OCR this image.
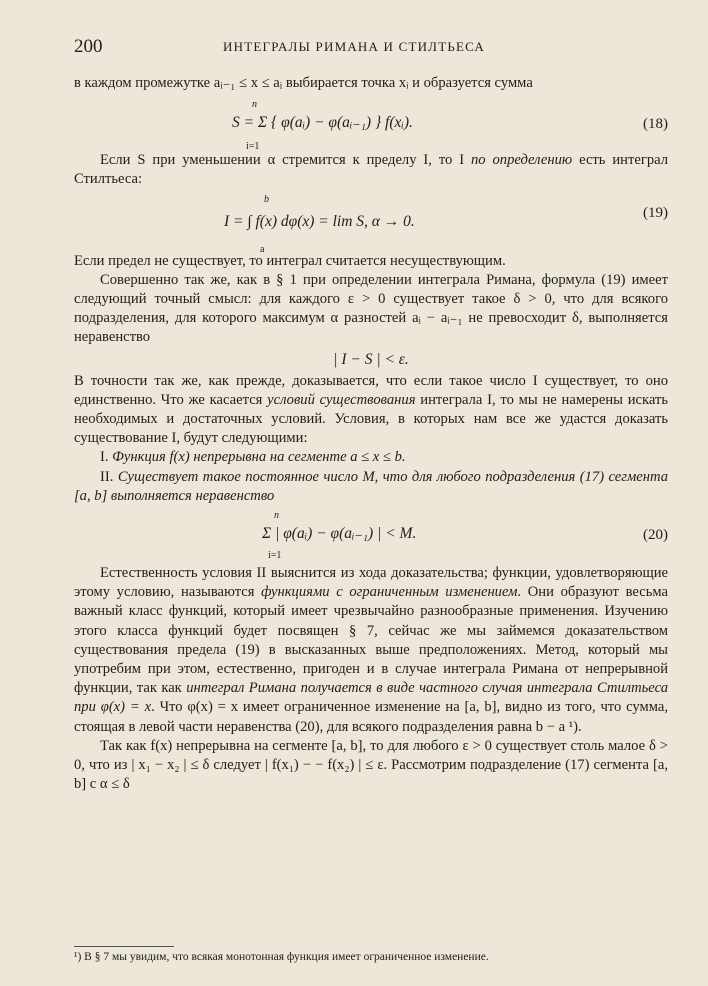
200	ИНТЕГРАЛЫ РИМАНА И СТИЛТЬЕСА

в каждом промежутке aᵢ₋₁ ≤ x ≤ aᵢ выбирается точка xᵢ и образуется сумма

n
i=1
S = Σ { φ(aᵢ) − φ(aᵢ₋₁) } f(xᵢ).	(18)

Если S при уменьшении α стремится к пределу I, то I по определению есть интеграл Стилтьеса:

b
a
I = ∫ f(x) dφ(x) = lim S, α → 0.	(19)

Если предел не существует, то интеграл считается несуществующим.

Совершенно так же, как в § 1 при определении интеграла Римана, формула (19) имеет следующий точный смысл: для каждого ε > 0 существует такое δ > 0, что для всякого подразделения, для которого максимум α разностей aᵢ − aᵢ₋₁ не превосходит δ, выполняется неравенство

| I − S | < ε.

В точности так же, как прежде, доказывается, что если такое число I существует, то оно единственно. Что же касается условий существования интеграла I, то мы не намерены искать необходимых и достаточных условий. Условия, в которых нам все же удастся доказать существование I, будут следующими:

I. Функция f(x) непрерывна на сегменте a ≤ x ≤ b.

II. Существует такое постоянное число M, что для любого подразделения (17) сегмента [a, b] выполняется неравенство

n
i=1
Σ | φ(aᵢ) − φ(aᵢ₋₁) | < M.	(20)

Естественность условия II выяснится из хода доказательства; функции, удовлетворяющие этому условию, называются функциями с ограниченным изменением. Они образуют весьма важный класс функций, который имеет чрезвычайно разнообразные применения. Изучению этого класса функций будет посвящен § 7, сейчас же мы займемся доказательством существования предела (19) в высказанных выше предположениях. Метод, который мы употребим при этом, естественно, пригоден и в случае интеграла Римана от непрерывной функции, так как интеграл Римана получается в виде частного случая интеграла Стилтьеса при φ(x) = x. Что φ(x) = x имеет ограниченное изменение на [a, b], видно из того, что сумма, стоящая в левой части неравенства (20), для всякого подразделения равна b − a ¹).

Так как f(x) непрерывна на сегменте [a, b], то для любого ε > 0 существует столь малое δ > 0, что из | x₁ − x₂ | ≤ δ следует | f(x₁) − − f(x₂) | ≤ ε. Рассмотрим подразделение (17) сегмента [a, b] с α ≤ δ

¹) В § 7 мы увидим, что всякая монотонная функция имеет ограниченное изменение.
